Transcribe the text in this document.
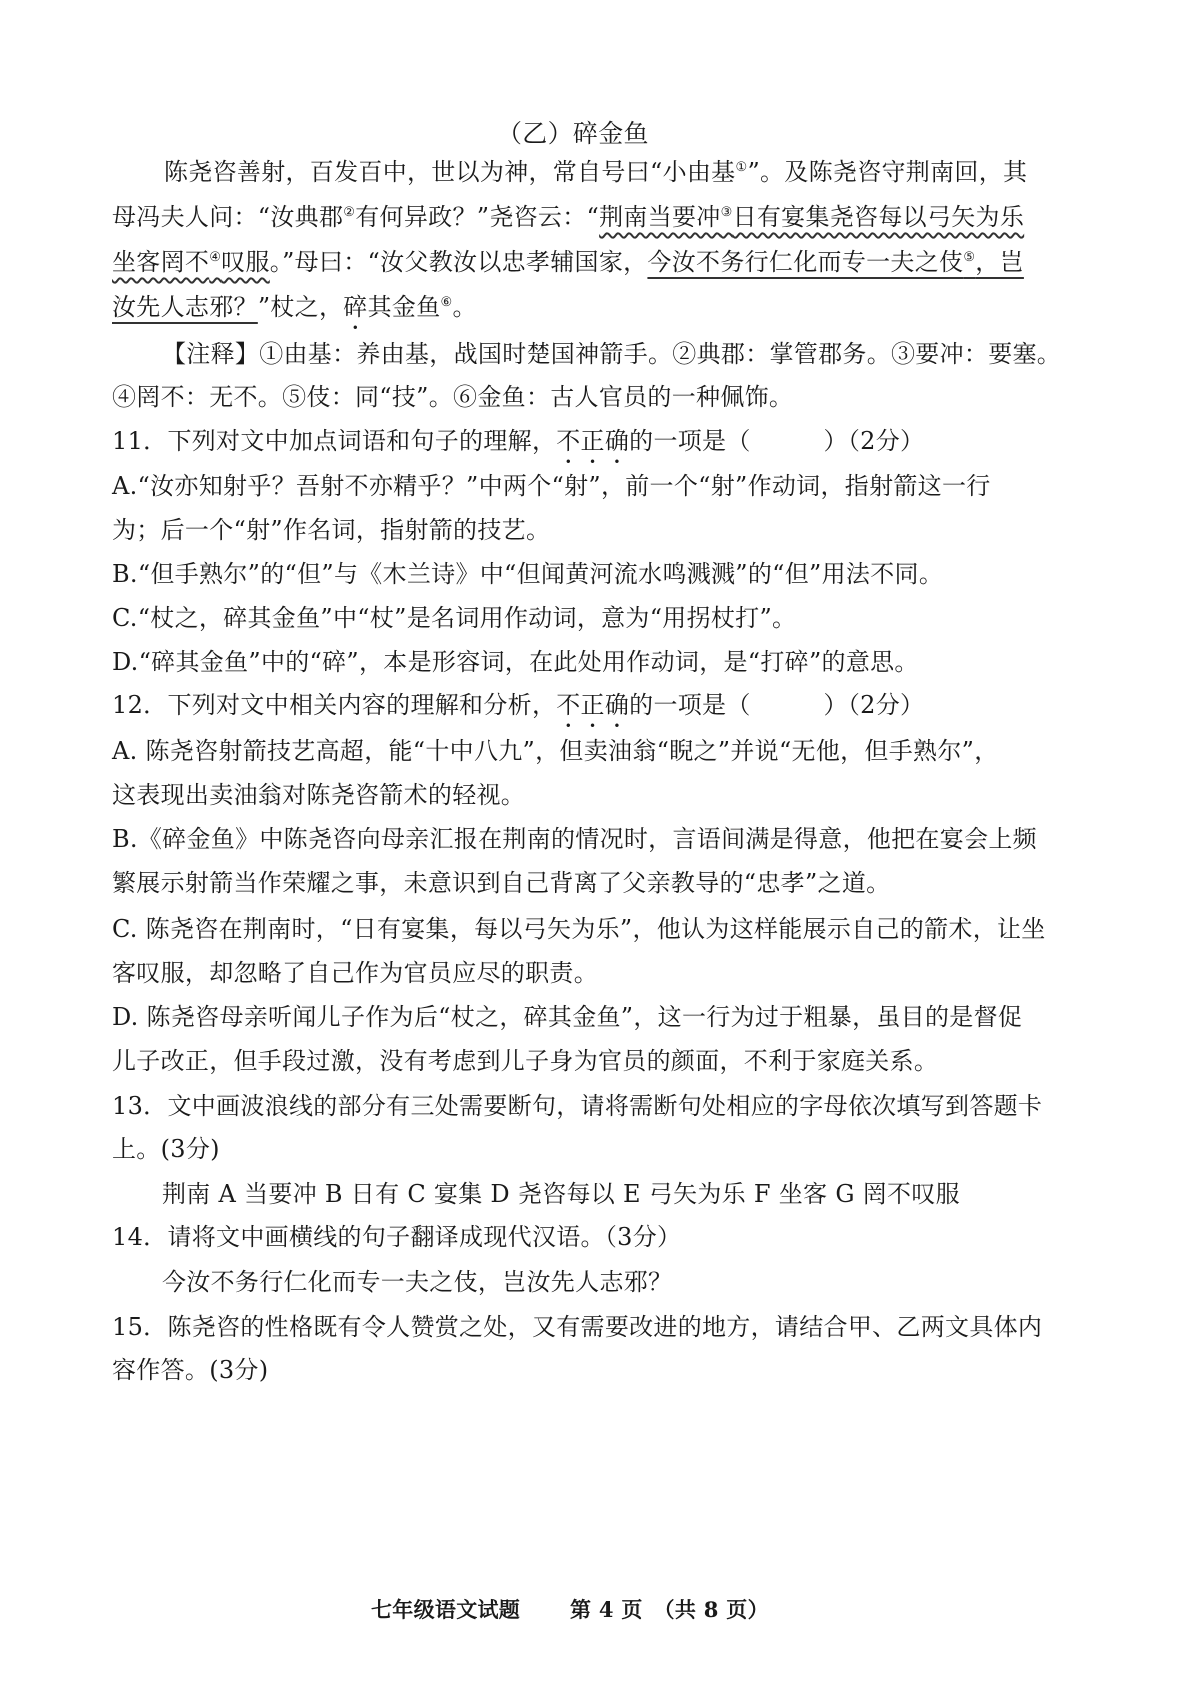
（乙）碎金鱼
陈尧咨善射，百发百中，世以为神，常自号曰“小由基①”。及陈尧咨守荆南回，其
母冯夫人问：“汝典郡②有何异政？”尧咨云：“荆南当要冲③日有宴集尧咨每以弓矢为乐
坐客罔不④叹服。”母曰：“汝父教汝以忠孝辅国家，今汝不务行仁化而专一夫之伎⑤，岂
汝先人志邪？”杖之，碎其金鱼⑥。
【注释】①由基：养由基，战国时楚国神箭手。②典郡：掌管郡务。③要冲：要塞。
④罔不：无不。⑤伎：同“技”。⑥金鱼：古人官员的一种佩饰。
11．下列对文中加点词语和句子的理解，不正确的一项是（　　　）（2分）
A.“汝亦知射乎？吾射不亦精乎？”中两个“射”，前一个“射”作动词，指射箭这一行
为；后一个“射”作名词，指射箭的技艺。
B.“但手熟尔”的“但”与《木兰诗》中“但闻黄河流水鸣溅溅”的“但”用法不同。
C.“杖之，碎其金鱼”中“杖”是名词用作动词，意为“用拐杖打”。
D.“碎其金鱼”中的“碎”，本是形容词，在此处用作动词，是“打碎”的意思。
12．下列对文中相关内容的理解和分析，不正确的一项是（　　　）（2分）
A. 陈尧咨射箭技艺高超，能“十中八九”，但卖油翁“睨之”并说“无他，但手熟尔”，
这表现出卖油翁对陈尧咨箭术的轻视。
B.《碎金鱼》中陈尧咨向母亲汇报在荆南的情况时，言语间满是得意，他把在宴会上频
繁展示射箭当作荣耀之事，未意识到自己背离了父亲教导的“忠孝”之道。
C. 陈尧咨在荆南时，“日有宴集，每以弓矢为乐”，他认为这样能展示自己的箭术，让坐
客叹服，却忽略了自己作为官员应尽的职责。
D. 陈尧咨母亲听闻儿子作为后“杖之，碎其金鱼”，这一行为过于粗暴，虽目的是督促
儿子改正，但手段过激，没有考虑到儿子身为官员的颜面，不利于家庭关系。
13．文中画波浪线的部分有三处需要断句，请将需断句处相应的字母依次填写到答题卡
上。(3分)
荆南 A 当要冲 B 日有 C 宴集 D 尧咨每以 E 弓矢为乐 F 坐客 G 罔不叹服
14．请将文中画横线的句子翻译成现代汉语。（3分）
今汝不务行仁化而专一夫之伎，岂汝先人志邪？
15．陈尧咨的性格既有令人赞赏之处，又有需要改进的地方，请结合甲、乙两文具体内
容作答。(3分)
七年级语文试题 第 4 页　（共 8 页）
